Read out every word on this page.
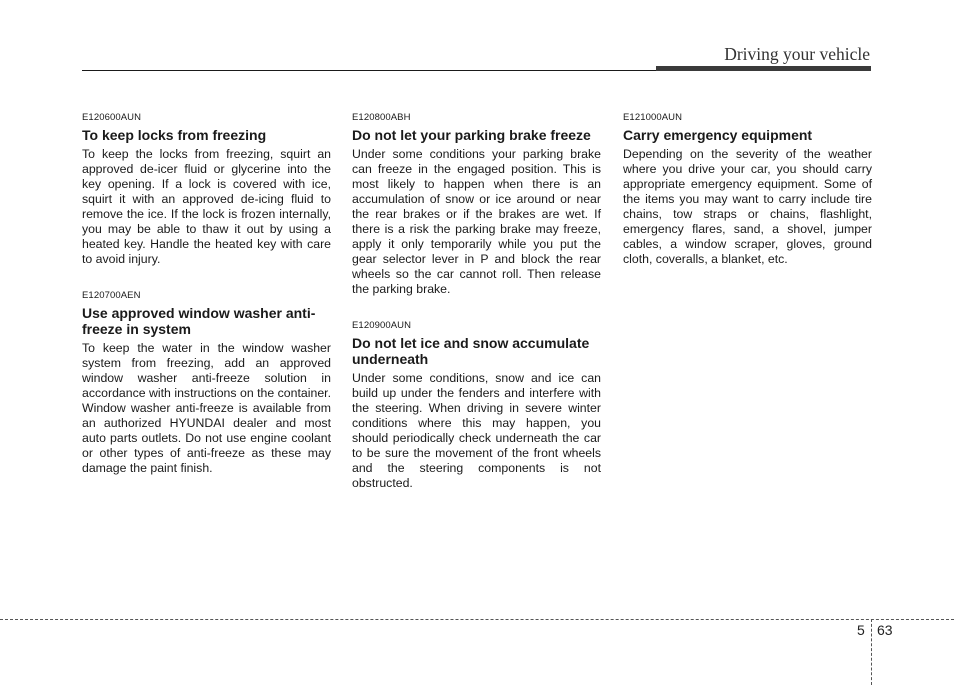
Driving your vehicle

E120600AUN

To keep locks from freezing

To keep the locks from freezing, squirt an approved de-icer fluid or glycerine into the key opening. If a lock is covered with ice, squirt it with an approved de-icing fluid to remove the ice. If the lock is frozen internally, you may be able to thaw it out by using a heated key. Handle the heated key with care to avoid injury.

E120700AEN

Use approved window washer anti-freeze in system

To keep the water in the window washer system from freezing, add an approved window washer anti-freeze solution in accordance with instructions on the container. Window washer anti-freeze is available from an authorized HYUNDAI dealer and most auto parts outlets. Do not use engine coolant or other types of anti-freeze as these may damage the paint finish.

E120800ABH

Do not let your parking brake freeze

Under some conditions your parking brake can freeze in the engaged position. This is most likely to happen when there is an accumulation of snow or ice around or near the rear brakes or if the brakes are wet. If there is a risk the parking brake may freeze, apply it only temporarily while you put the gear selector lever in P and block the rear wheels so the car cannot roll. Then release the parking brake.

E120900AUN

Do not let ice and snow accumulate underneath

Under some conditions, snow and ice can build up under the fenders and interfere with the steering. When driving in severe winter conditions where this may happen, you should periodically check underneath the car to be sure the movement of the front wheels and the steering components is not obstructed.

E121000AUN

Carry emergency equipment

Depending on the severity of the weather where you drive your car, you should carry appropriate emergency equipment. Some of the items you may want to carry include tire chains, tow straps or chains, flashlight, emergency flares, sand, a shovel, jumper cables, a window scraper, gloves, ground cloth, coveralls, a blanket, etc.

5 63
